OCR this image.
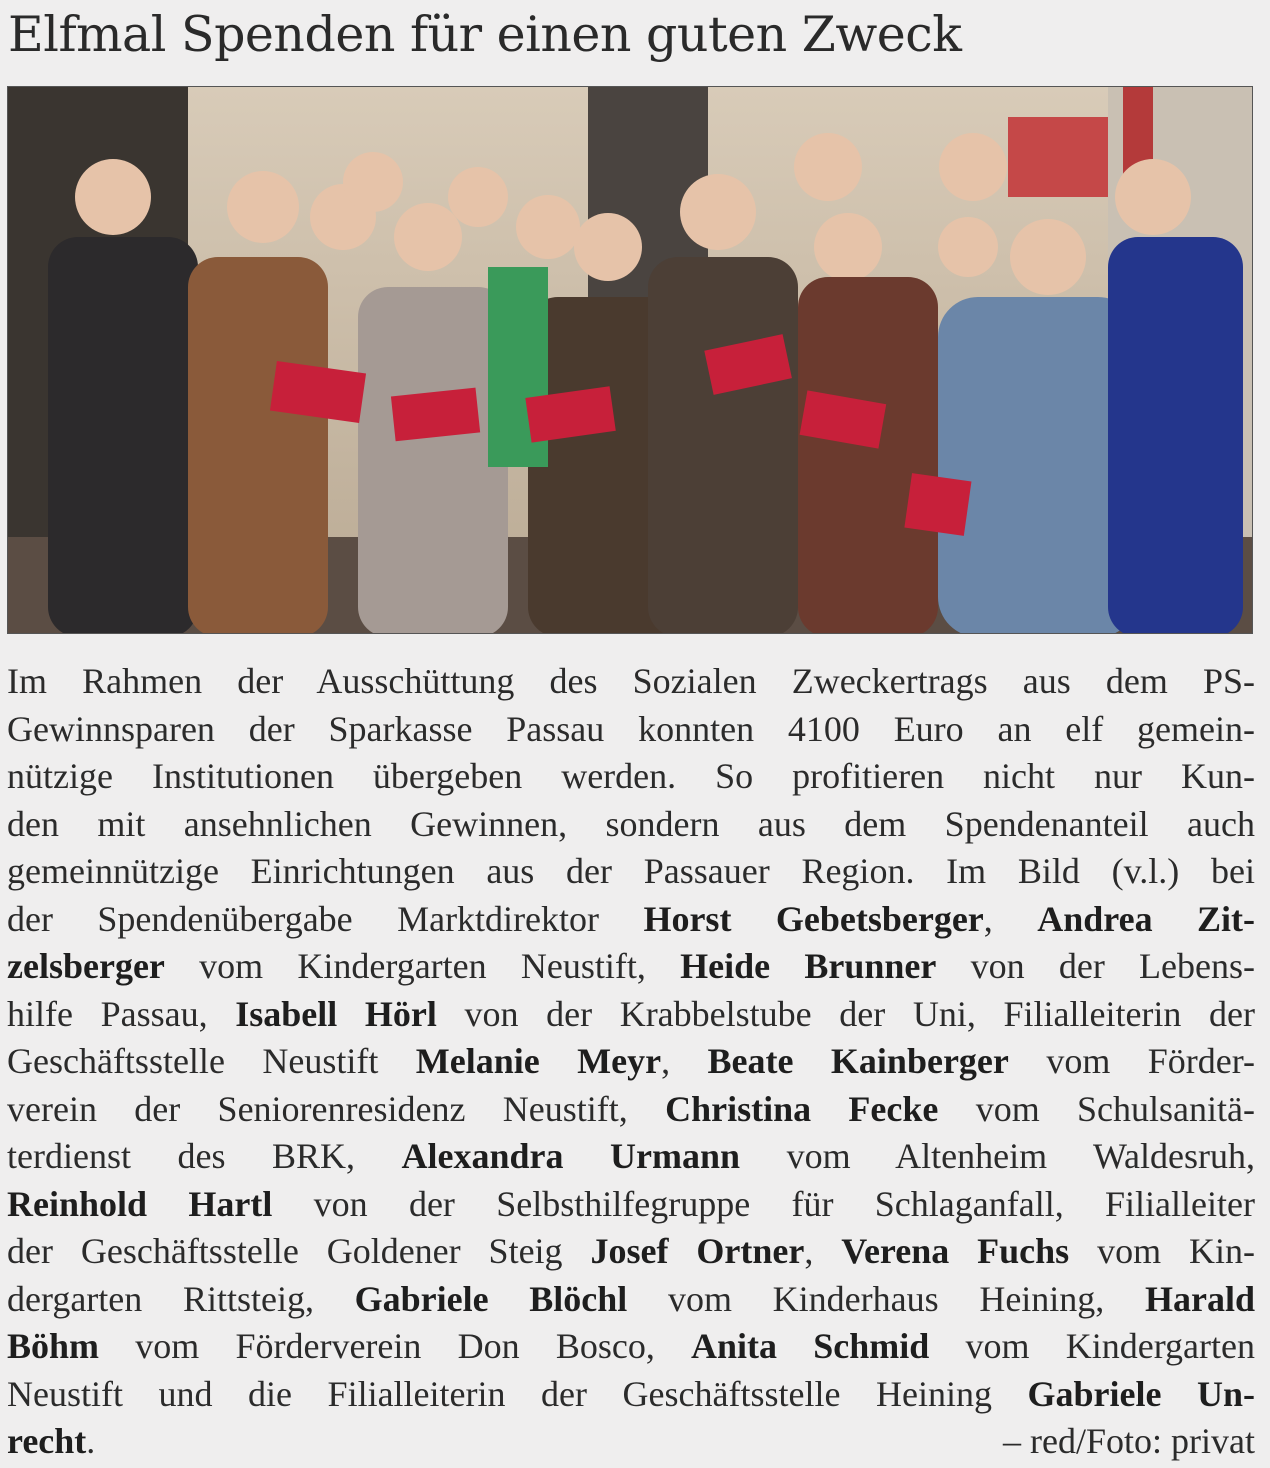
Elfmal Spenden für einen guten Zweck
Im Rahmen der Ausschüttung des Sozialen Zweckertrags aus dem PS-
Gewinnsparen der Sparkasse Passau konnten 4100 Euro an elf gemein-
nützige Institutionen übergeben werden. So profitieren nicht nur Kun-
den mit ansehnlichen Gewinnen, sondern aus dem Spendenanteil auch
gemeinnützige Einrichtungen aus der Passauer Region. Im Bild (v.l.) bei
der Spendenübergabe Marktdirektor Horst Gebetsberger, Andrea Zit-
zelsberger vom Kindergarten Neustift, Heide Brunner von der Lebens-
hilfe Passau, Isabell Hörl von der Krabbelstube der Uni, Filialleiterin der
Geschäftsstelle Neustift Melanie Meyr, Beate Kainberger vom Förder-
verein der Seniorenresidenz Neustift, Christina Fecke vom Schulsanitä-
terdienst des BRK, Alexandra Urmann vom Altenheim Waldesruh,
Reinhold Hartl von der Selbsthilfegruppe für Schlaganfall, Filialleiter
der Geschäftsstelle Goldener Steig Josef Ortner, Verena Fuchs vom Kin-
dergarten Rittsteig, Gabriele Blöchl vom Kinderhaus Heining, Harald
Böhm vom Förderverein Don Bosco, Anita Schmid vom Kindergarten
Neustift und die Filialleiterin der Geschäftsstelle Heining Gabriele Un-
recht.	– red/Foto: privat
